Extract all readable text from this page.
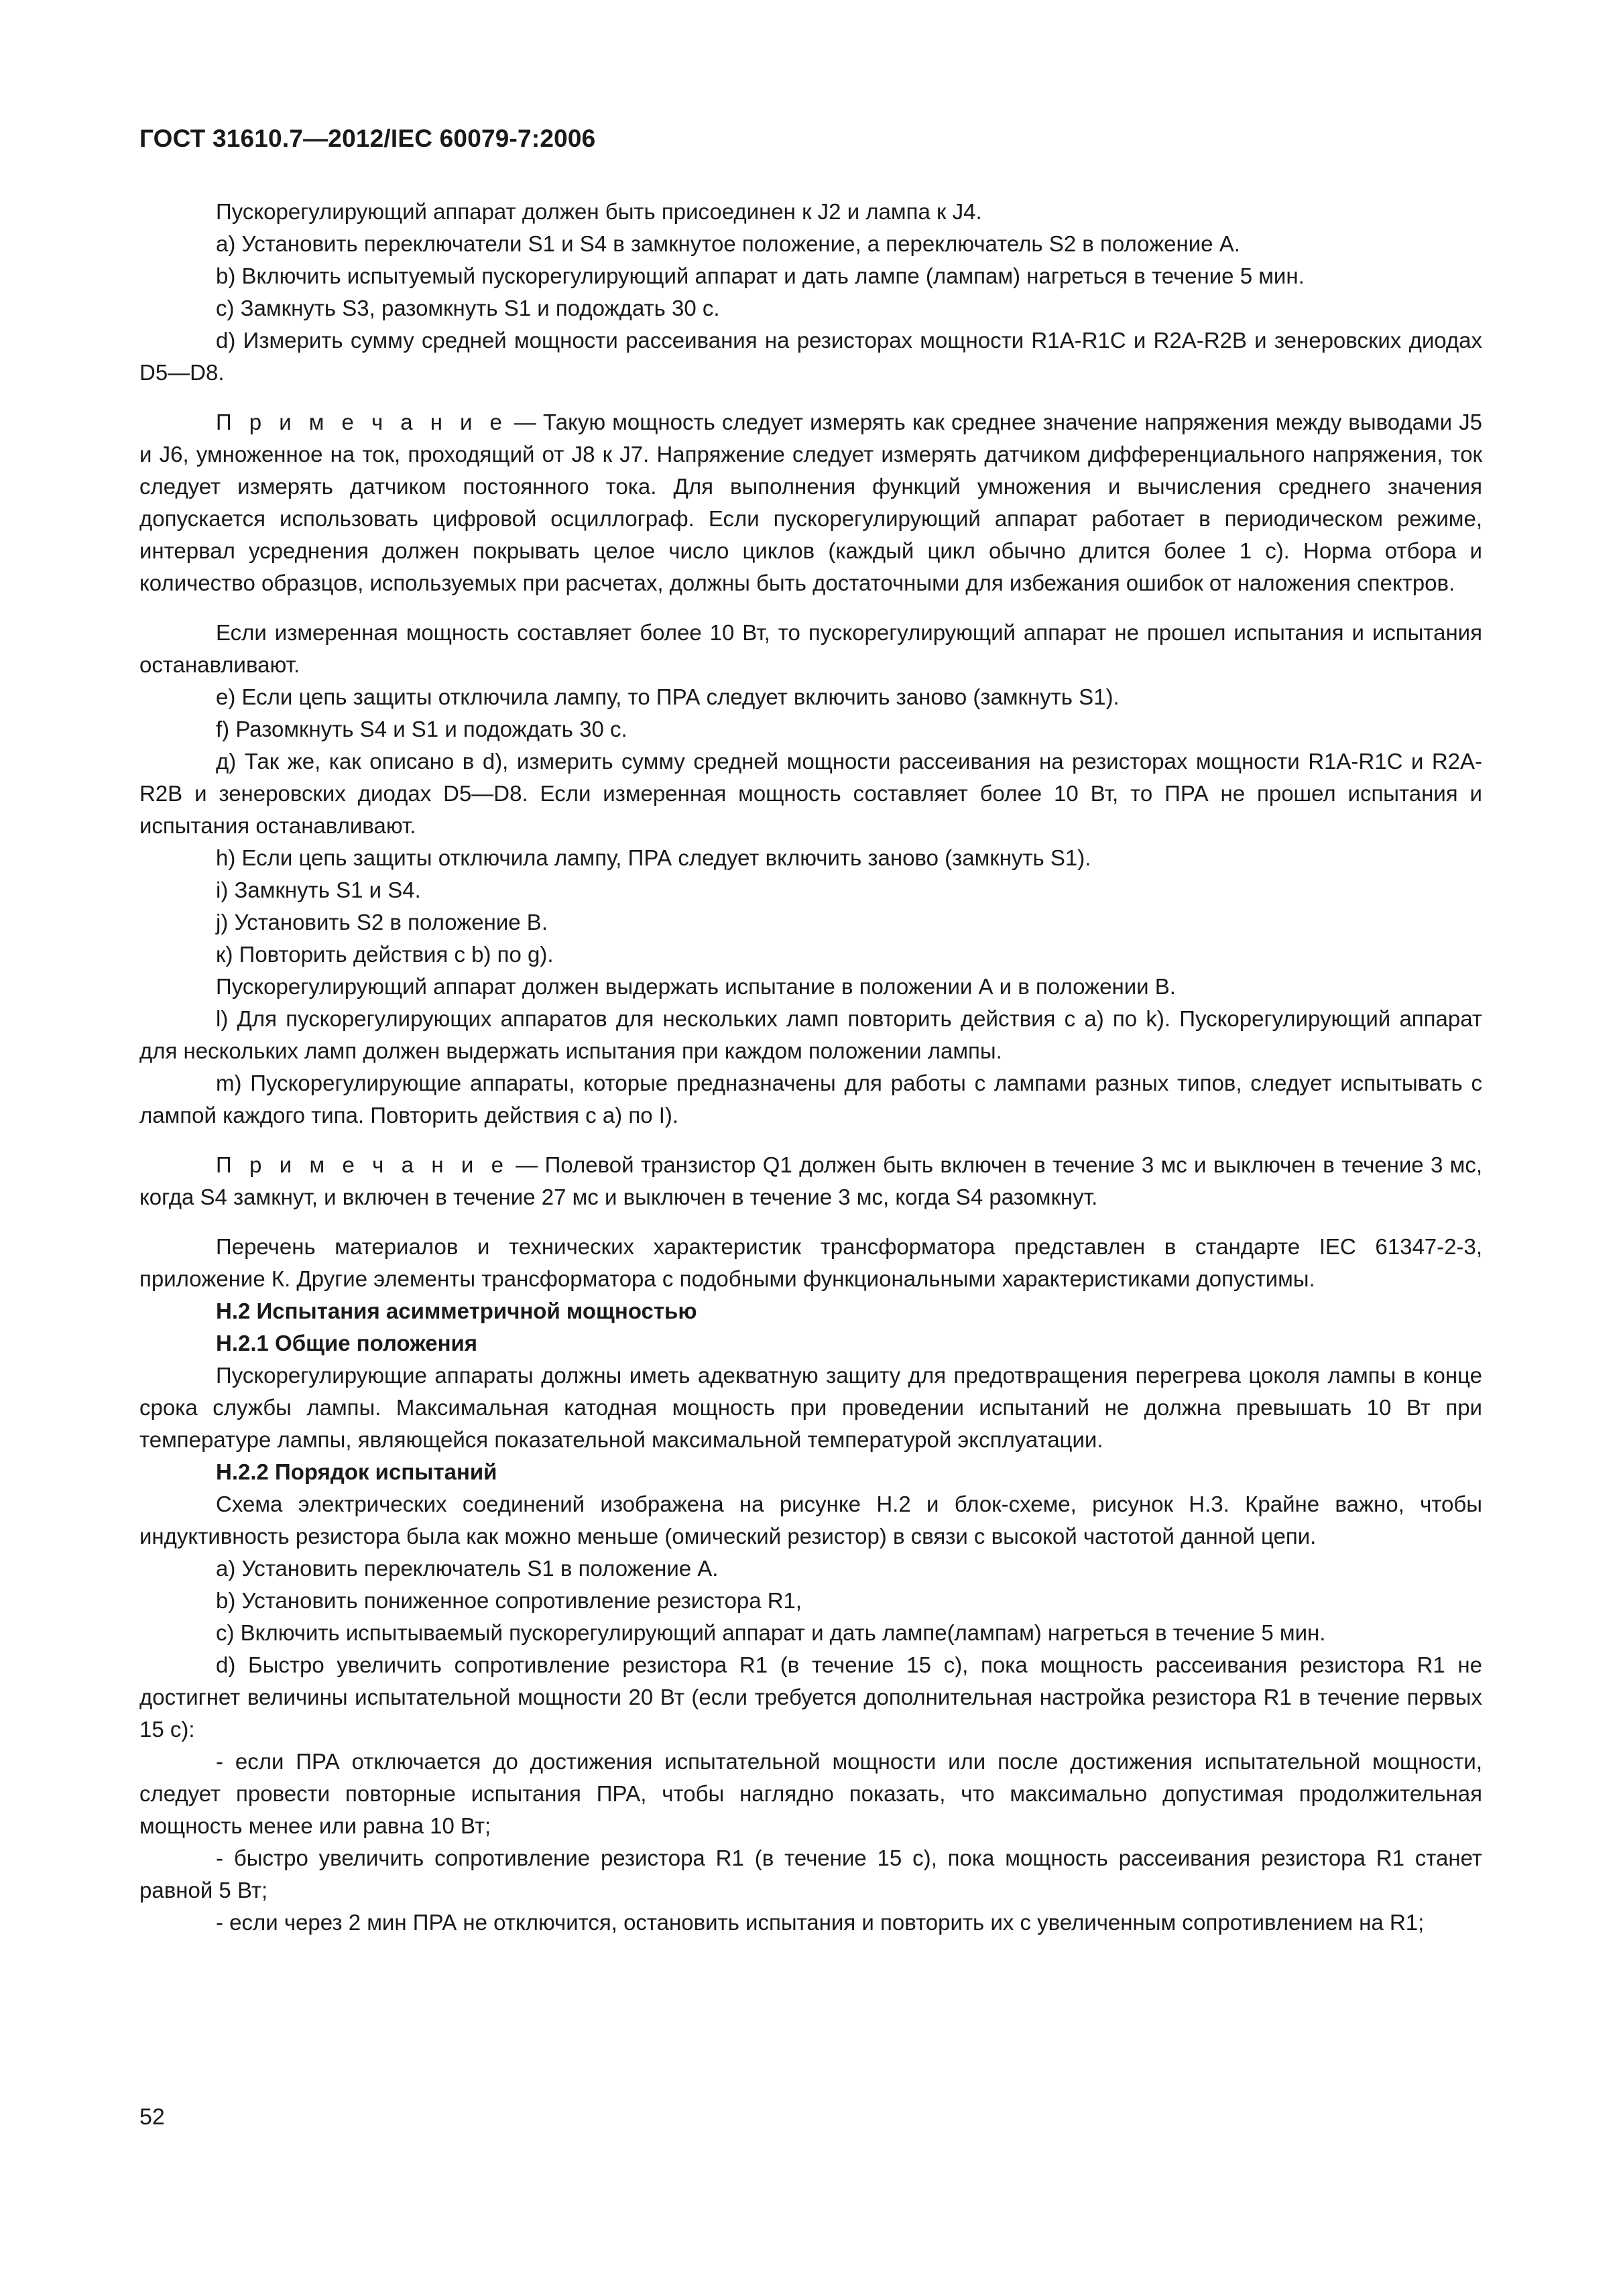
ГОСТ 31610.7—2012/IEC 60079-7:2006

Пускорегулирующий аппарат должен быть присоединен к J2 и лампа к J4.

a) Установить переключатели S1 и S4 в замкнутое положение, а переключатель S2 в положение А.

b) Включить испытуемый пускорегулирующий аппарат и дать лампе (лампам) нагреться в течение 5 мин.

c) Замкнуть S3, разомкнуть S1 и подождать 30 с.

d) Измерить сумму средней мощности рассеивания на резисторах мощности R1A-R1C и R2A-R2B и зенеровских диодах D5—D8.

П р и м е ч а н и е — Такую мощность следует измерять как среднее значение напряжения между выводами J5 и J6, умноженное на ток, проходящий от J8 к J7. Напряжение следует измерять датчиком дифференциального напряжения, ток следует измерять датчиком постоянного тока. Для выполнения функций умножения и вычисления среднего значения допускается использовать цифровой осциллограф. Если пускорегулирующий аппарат работает в периодическом режиме, интервал усреднения должен покрывать целое число циклов (каждый цикл обычно длится более 1 с). Норма отбора и количество образцов, используемых при расчетах, должны быть достаточными для избежания ошибок от наложения спектров.

Если измеренная мощность составляет более 10 Вт, то пускорегулирующий аппарат не прошел испытания и испытания останавливают.

e) Если цепь защиты отключила лампу, то ПРА следует включить заново (замкнуть S1).

f) Разомкнуть S4 и S1 и подождать 30 с.

д) Так же, как описано в d), измерить сумму средней мощности рассеивания на резисторах мощности R1A-R1C и R2A-R2B и зенеровских диодах D5—D8. Если измеренная мощность составляет более 10 Вт, то ПРА не прошел испытания и испытания останавливают.

h) Если цепь защиты отключила лампу, ПРА следует включить заново (замкнуть S1).

i) Замкнуть S1 и S4.

j) Установить S2 в положение В.

к) Повторить действия с b) по g).

Пускорегулирующий аппарат должен выдержать испытание в положении А и в положении В.

l) Для пускорегулирующих аппаратов для нескольких ламп повторить действия с а) по k). Пускорегулирующий аппарат для нескольких ламп должен выдержать испытания при каждом положении лампы.

m) Пускорегулирующие аппараты, которые предназначены для работы с лампами разных типов, следует испытывать с лампой каждого типа. Повторить действия с а) по I).

П р и м е ч а н и е — Полевой транзистор Q1 должен быть включен в течение 3 мс и выключен в течение 3 мс, когда S4 замкнут, и включен в течение 27 мс и выключен в течение 3 мс, когда S4 разомкнут.

Перечень материалов и технических характеристик трансформатора представлен в стандарте IEC 61347-2-3, приложение К. Другие элементы трансформатора с подобными функциональными характеристиками допустимы.

Н.2 Испытания асимметричной мощностью

Н.2.1 Общие положения

Пускорегулирующие аппараты должны иметь адекватную защиту для предотвращения перегрева цоколя лампы в конце срока службы лампы. Максимальная катодная мощность при проведении испытаний не должна превышать 10 Вт при температуре лампы, являющейся показательной максимальной температурой эксплуатации.

Н.2.2 Порядок испытаний

Схема электрических соединений изображена на рисунке Н.2 и блок-схеме, рисунок Н.3. Крайне важно, чтобы индуктивность резистора была как можно меньше (омический резистор) в связи с высокой частотой данной цепи.

a) Установить переключатель S1 в положение А.

b) Установить пониженное сопротивление резистора R1,

c) Включить испытываемый пускорегулирующий аппарат и дать лампе(лампам) нагреться в течение 5 мин.

d) Быстро увеличить сопротивление резистора R1 (в течение 15 с), пока мощность рассеивания резистора R1 не достигнет величины испытательной мощности 20 Вт (если требуется дополнительная настройка резистора R1 в течение первых 15 с):

- если ПРА отключается до достижения испытательной мощности или после достижения испытательной мощности, следует провести повторные испытания ПРА, чтобы наглядно показать, что максимально допустимая продолжительная мощность менее или равна 10 Вт;

- быстро увеличить сопротивление резистора R1 (в течение 15 с), пока мощность рассеивания резистора R1 станет равной 5 Вт;

- если через 2 мин ПРА не отключится, остановить испытания и повторить их с увеличенным сопротивлением на R1;

52
